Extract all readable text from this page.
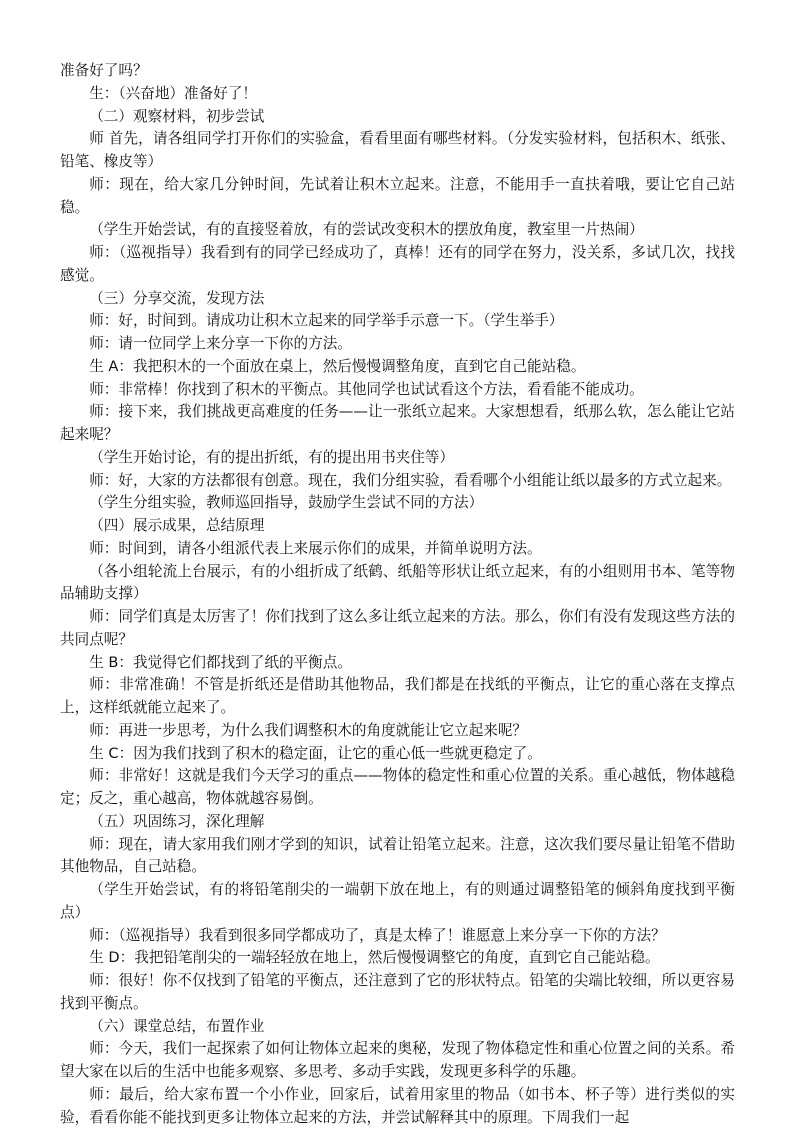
准备好了吗？

生：（兴奋地）准备好了！

（二）观察材料，初步尝试

师 首先，请各组同学打开你们的实验盒，看看里面有哪些材料。（分发实验材料，包括积木、纸张、铅笔、橡皮等）

师：现在，给大家几分钟时间，先试着让积木立起来。注意，不能用手一直扶着哦，要让它自己站稳。

（学生开始尝试，有的直接竖着放，有的尝试改变积木的摆放角度，教室里一片热闹）

师：（巡视指导）我看到有的同学已经成功了，真棒！还有的同学在努力，没关系，多试几次，找找感觉。

（三）分享交流，发现方法

师：好，时间到。请成功让积木立起来的同学举手示意一下。（学生举手）

师：请一位同学上来分享一下你的方法。

生 A：我把积木的一个面放在桌上，然后慢慢调整角度，直到它自己能站稳。

师：非常棒！你找到了积木的平衡点。其他同学也试试看这个方法，看看能不能成功。

师：接下来，我们挑战更高难度的任务——让一张纸立起来。大家想想看，纸那么软，怎么能让它站起来呢？

（学生开始讨论，有的提出折纸，有的提出用书夹住等）

师：好，大家的方法都很有创意。现在，我们分组实验，看看哪个小组能让纸以最多的方式立起来。

（学生分组实验，教师巡回指导，鼓励学生尝试不同的方法）

（四）展示成果，总结原理

师：时间到，请各小组派代表上来展示你们的成果，并简单说明方法。

（各小组轮流上台展示，有的小组折成了纸鹤、纸船等形状让纸立起来，有的小组则用书本、笔等物品辅助支撑）

师：同学们真是太厉害了！你们找到了这么多让纸立起来的方法。那么，你们有没有发现这些方法的共同点呢？

生 B：我觉得它们都找到了纸的平衡点。

师：非常准确！不管是折纸还是借助其他物品，我们都是在找纸的平衡点，让它的重心落在支撑点上，这样纸就能立起来了。

师：再进一步思考，为什么我们调整积木的角度就能让它立起来呢？

生 C：因为我们找到了积木的稳定面，让它的重心低一些就更稳定了。

师：非常好！这就是我们今天学习的重点——物体的稳定性和重心位置的关系。重心越低，物体越稳定；反之，重心越高，物体就越容易倒。

（五）巩固练习，深化理解

师：现在，请大家用我们刚才学到的知识，试着让铅笔立起来。注意，这次我们要尽量让铅笔不借助其他物品，自己站稳。

（学生开始尝试，有的将铅笔削尖的一端朝下放在地上，有的则通过调整铅笔的倾斜角度找到平衡点）

师：（巡视指导）我看到很多同学都成功了，真是太棒了！谁愿意上来分享一下你的方法？

生 D：我把铅笔削尖的一端轻轻放在地上，然后慢慢调整它的角度，直到它自己能站稳。

师：很好！你不仅找到了铅笔的平衡点，还注意到了它的形状特点。铅笔的尖端比较细，所以更容易找到平衡点。

（六）课堂总结，布置作业

师：今天，我们一起探索了如何让物体立起来的奥秘，发现了物体稳定性和重心位置之间的关系。希望大家在以后的生活中也能多观察、多思考、多动手实践，发现更多科学的乐趣。

师：最后，给大家布置一个小作业，回家后，试着用家里的物品（如书本、杯子等）进行类似的实验，看看你能不能找到更多让物体立起来的方法，并尝试解释其中的原理。下周我们一起
